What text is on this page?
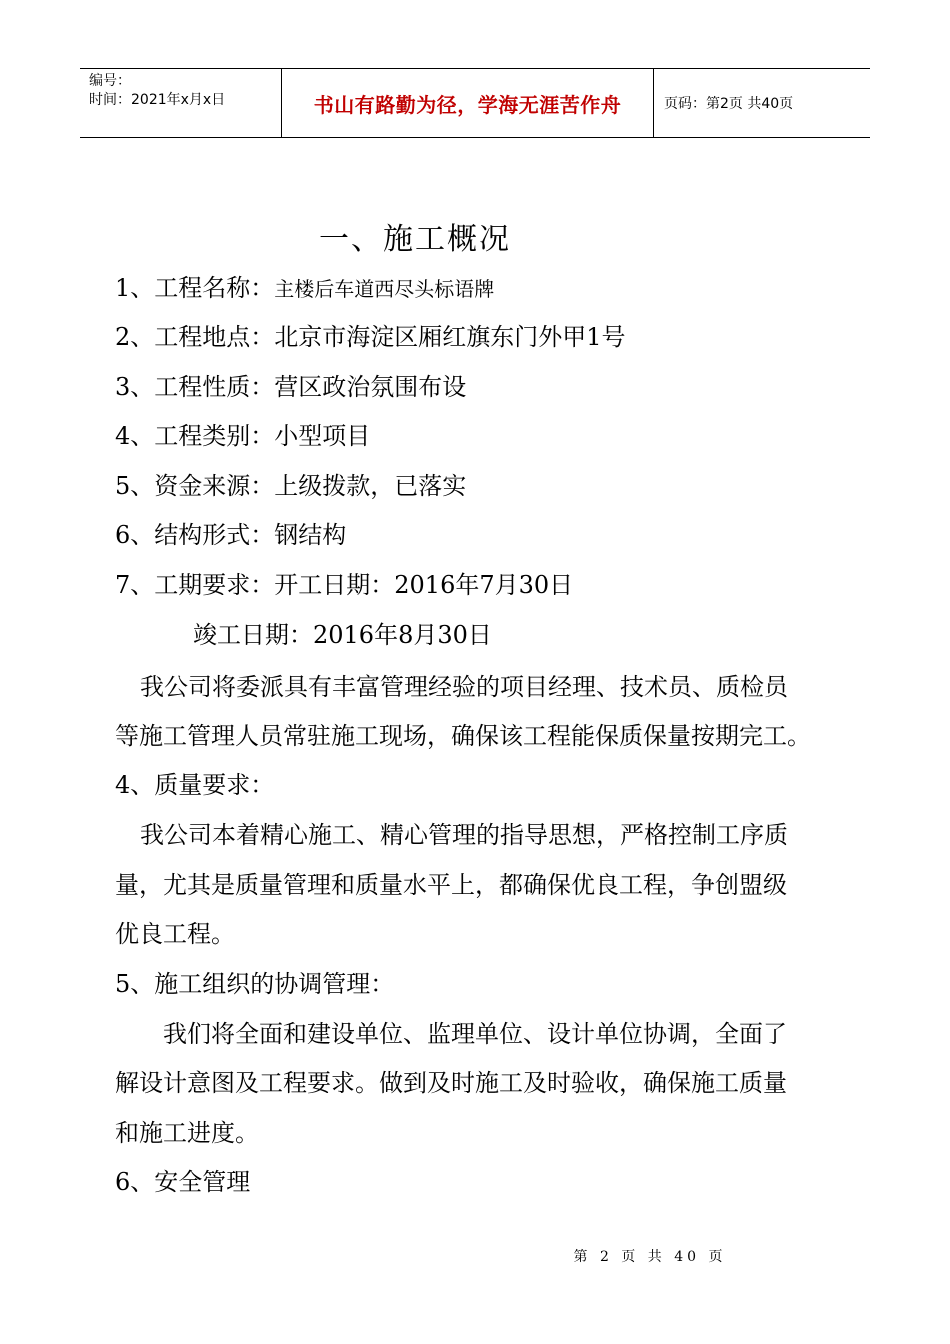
编号：
时间：2021年x月x日	书山有路勤为径，学海无涯苦作舟	页码：第2页 共40页
一、施工概况
1、工程名称：主楼后车道西尽头标语牌
2、工程地点：北京市海淀区厢红旗东门外甲1号
3、工程性质：营区政治氛围布设
4、工程类别：小型项目
5、资金来源：上级拨款，已落实
6、结构形式：钢结构
7、工期要求：开工日期：2016年7月30日
竣工日期：2016年8月30日
我公司将委派具有丰富管理经验的项目经理、技术员、质检员
等施工管理人员常驻施工现场，确保该工程能保质保量按期完工。
4、质量要求：
我公司本着精心施工、精心管理的指导思想，严格控制工序质
量，尤其是质量管理和质量水平上，都确保优良工程，争创盟级
优良工程。
5、施工组织的协调管理：
我们将全面和建设单位、监理单位、设计单位协调，全面了
解设计意图及工程要求。做到及时施工及时验收，确保施工质量
和施工进度。
6、安全管理
第 2 页 共 40 页
